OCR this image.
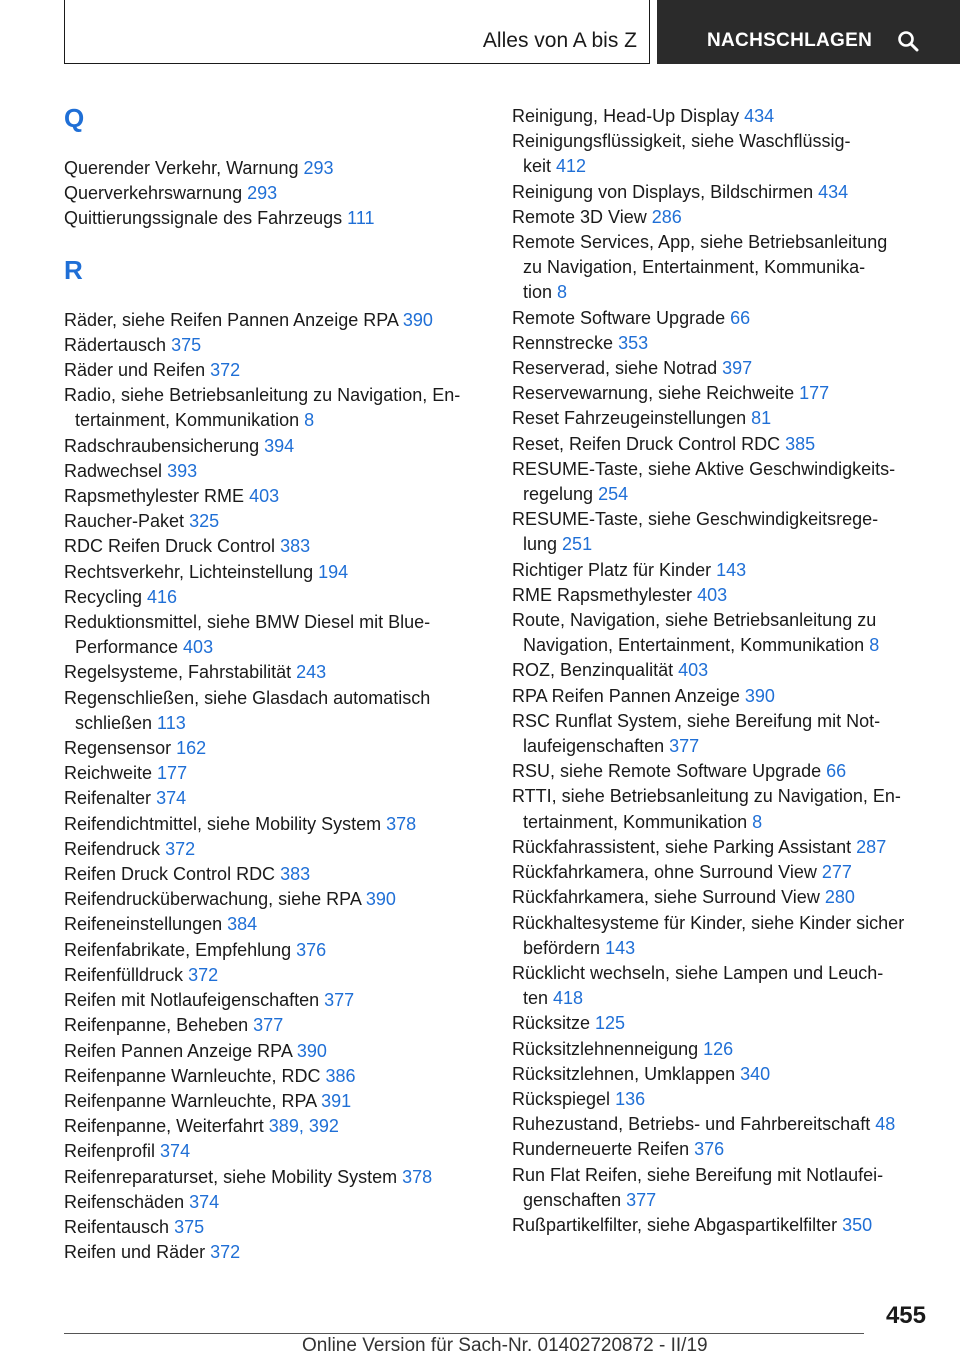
Alles von A bis Z	NACHSCHLAGEN
Q

Querender Verkehr, Warnung 293

Querverkehrswarnung 293

Quittierungssignale des Fahrzeugs 111

R

Räder, siehe Reifen Pannen Anzeige RPA 390

Rädertausch 375

Räder und Reifen 372

Radio, siehe Betriebsanleitung zu Navigation, En-

tertainment, Kommunikation 8

Radschraubensicherung 394

Radwechsel 393

Rapsmethylester RME 403

Raucher-Paket 325

RDC Reifen Druck Control 383

Rechtsverkehr, Lichteinstellung 194

Recycling 416

Reduktionsmittel, siehe BMW Diesel mit Blue-

Performance 403

Regelsysteme, Fahrstabilität 243

Regenschließen, siehe Glasdach automatisch

schließen 113

Regensensor 162

Reichweite 177

Reifenalter 374

Reifendichtmittel, siehe Mobility System 378

Reifendruck 372

Reifen Druck Control RDC 383

Reifendrucküberwachung, siehe RPA 390

Reifeneinstellungen 384

Reifenfabrikate, Empfehlung 376

Reifenfülldruck 372

Reifen mit Notlaufeigenschaften 377

Reifenpanne, Beheben 377

Reifen Pannen Anzeige RPA 390

Reifenpanne Warnleuchte, RDC 386

Reifenpanne Warnleuchte, RPA 391

Reifenpanne, Weiterfahrt 389, 392

Reifenprofil 374

Reifenreparaturset, siehe Mobility System 378

Reifenschäden 374

Reifentausch 375

Reifen und Räder 372

Reinigung, Head-Up Display 434

Reinigungsflüssigkeit, siehe Waschflüssig-

keit 412

Reinigung von Displays, Bildschirmen 434

Remote 3D View 286

Remote Services, App, siehe Betriebsanleitung

zu Navigation, Entertainment, Kommunika-

tion 8

Remote Software Upgrade 66

Rennstrecke 353

Reserverad, siehe Notrad 397

Reservewarnung, siehe Reichweite 177

Reset Fahrzeugeinstellungen 81

Reset, Reifen Druck Control RDC 385

RESUME-Taste, siehe Aktive Geschwindigkeits-

regelung 254

RESUME-Taste, siehe Geschwindigkeitsrege-

lung 251

Richtiger Platz für Kinder 143

RME Rapsmethylester 403

Route, Navigation, siehe Betriebsanleitung zu

Navigation, Entertainment, Kommunikation 8

ROZ, Benzinqualität 403

RPA Reifen Pannen Anzeige 390

RSC Runflat System, siehe Bereifung mit Not-

laufeigenschaften 377

RSU, siehe Remote Software Upgrade 66

RTTI, siehe Betriebsanleitung zu Navigation, En-

tertainment, Kommunikation 8

Rückfahrassistent, siehe Parking Assistant 287

Rückfahrkamera, ohne Surround View 277

Rückfahrkamera, siehe Surround View 280

Rückhaltesysteme für Kinder, siehe Kinder sicher

befördern 143

Rücklicht wechseln, siehe Lampen und Leuch-

ten 418

Rücksitze 125

Rücksitzlehnenneigung 126

Rücksitzlehnen, Umklappen 340

Rückspiegel 136

Ruhezustand, Betriebs- und Fahrbereitschaft 48

Runderneuerte Reifen 376

Run Flat Reifen, siehe Bereifung mit Notlaufei-

genschaften 377

Rußpartikelfilter, siehe Abgaspartikelfilter 350

455
Online Version für Sach-Nr. 01402720872 - II/19
